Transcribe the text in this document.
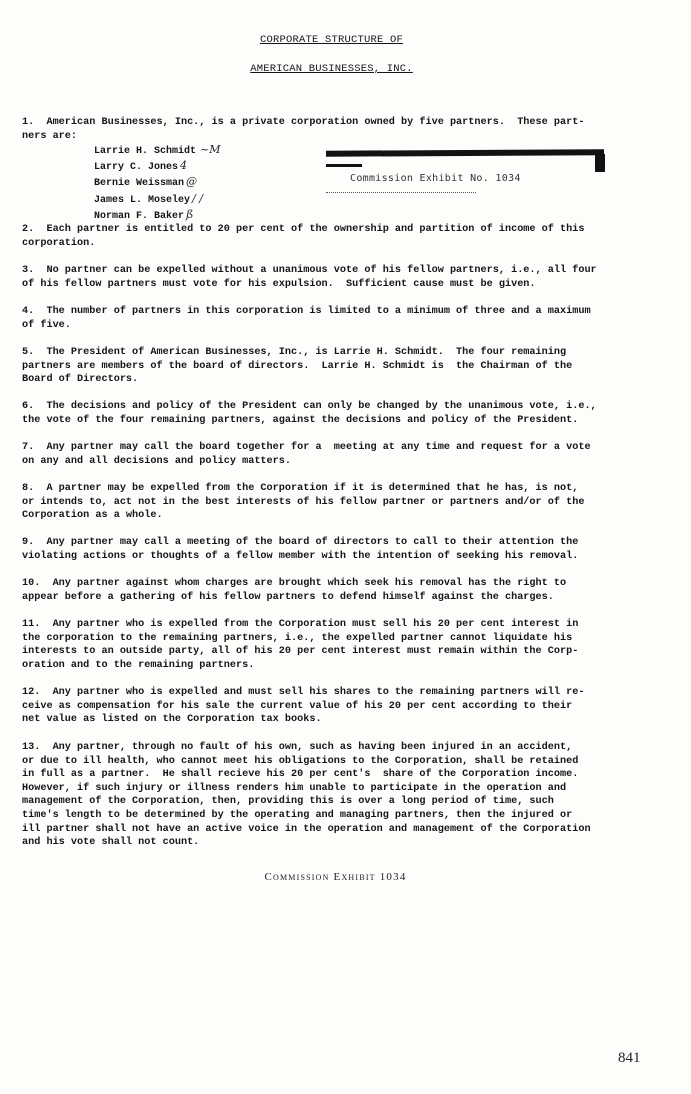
CORPORATE STRUCTURE OF
AMERICAN BUSINESSES, INC.
1.  American Businesses, Inc., is a private corporation owned by five partners.  These part-
ners are:
Larrie H. Schmidt ~M
Larry C. Jones 4
Bernie Weissman @
James L. Moseley / /
Norman F. Baker ß
Commission Exhibit No. 1034
2.  Each partner is entitled to 20 per cent of the ownership and partition of income of this
corporation.
3.  No partner can be expelled without a unanimous vote of his fellow partners, i.e., all four
of his fellow partners must vote for his expulsion.  Sufficient cause must be given.
4.  The number of partners in this corporation is limited to a minimum of three and a maximum
of five.
5.  The President of American Businesses, Inc., is Larrie H. Schmidt.  The four remaining
partners are members of the board of directors.  Larrie H. Schmidt is  the Chairman of the
Board of Directors.
6.  The decisions and policy of the President can only be changed by the unanimous vote, i.e.,
the vote of the four remaining partners, against the decisions and policy of the President.
7.  Any partner may call the board together for a  meeting at any time and request for a vote
on any and all decisions and policy matters.
8.  A partner may be expelled from the Corporation if it is determined that he has, is not,
or intends to, act not in the best interests of his fellow partner or partners and/or of the
Corporation as a whole.
9.  Any partner may call a meeting of the board of directors to call to their attention the
violating actions or thoughts of a fellow member with the intention of seeking his removal.
10.  Any partner against whom charges are brought which seek his removal has the right to
appear before a gathering of his fellow partners to defend himself against the charges.
11.  Any partner who is expelled from the Corporation must sell his 20 per cent interest in
the corporation to the remaining partners, i.e., the expelled partner cannot liquidate his
interests to an outside party, all of his 20 per cent interest must remain within the Corp-
oration and to the remaining partners.
12.  Any partner who is expelled and must sell his shares to the remaining partners will re-
ceive as compensation for his sale the current value of his 20 per cent according to their
net value as listed on the Corporation tax books.
13.  Any partner, through no fault of his own, such as having been injured in an accident,
or due to ill health, who cannot meet his obligations to the Corporation, shall be retained
in full as a partner.  He shall recieve his 20 per cent's  share of the Corporation income.
However, if such injury or illness renders him unable to participate in the operation and
management of the Corporation, then, providing this is over a long period of time, such
time's length to be determined by the operating and managing partners, then the injured or
ill partner shall not have an active voice in the operation and management of the Corporation
and his vote shall not count.
Commission Exhibit 1034
841
